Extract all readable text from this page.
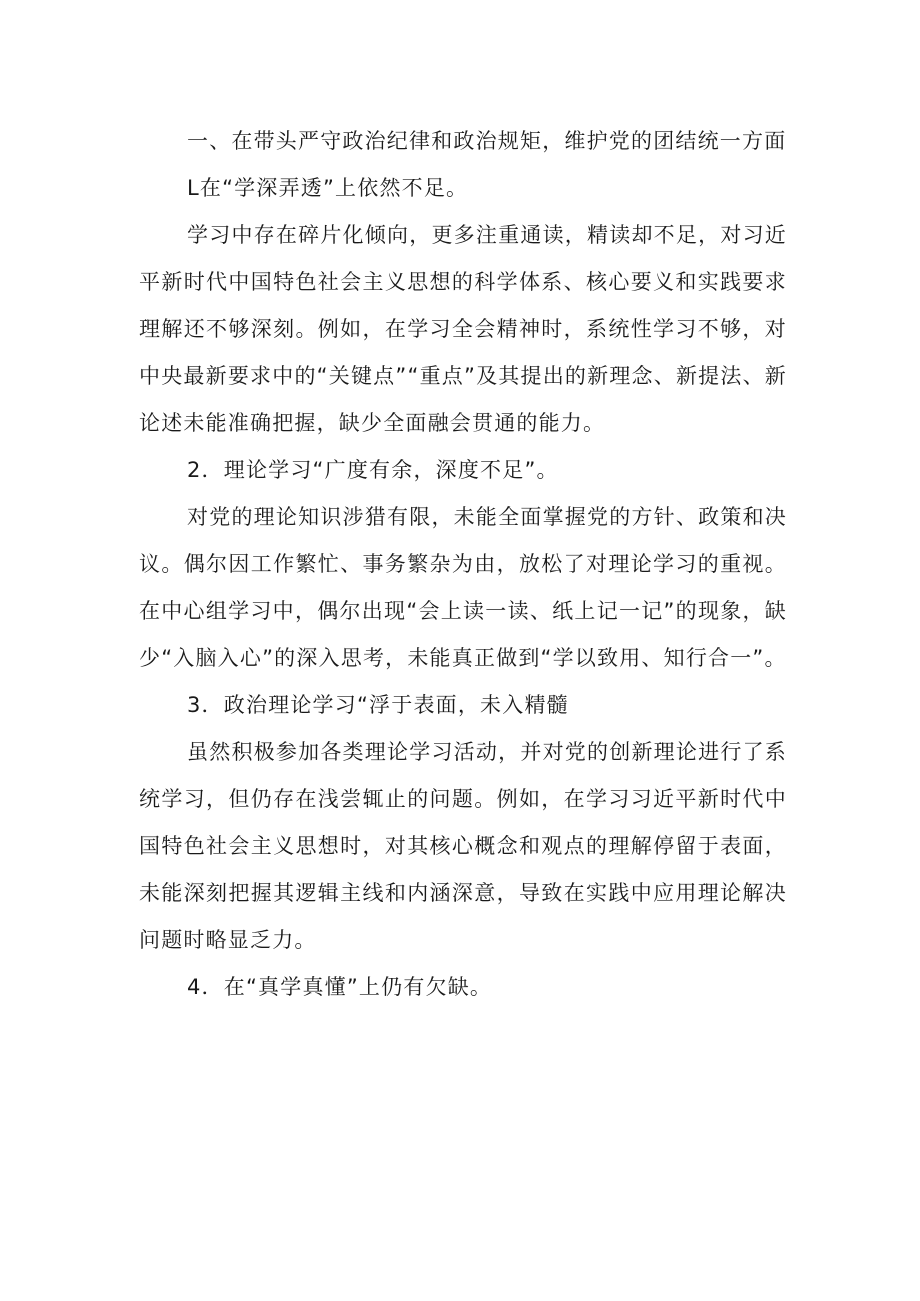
一、在带头严守政治纪律和政治规矩，维护党的团结统一方面

L在“学深弄透”上依然不足。

学习中存在碎片化倾向，更多注重通读，精读却不足，对习近平新时代中国特色社会主义思想的科学体系、核心要义和实践要求理解还不够深刻。例如，在学习全会精神时，系统性学习不够，对中央最新要求中的“关键点”“重点”及其提出的新理念、新提法、新论述未能准确把握，缺少全面融会贯通的能力。

2．理论学习“广度有余，深度不足”。

对党的理论知识涉猎有限，未能全面掌握党的方针、政策和决议。偶尔因工作繁忙、事务繁杂为由，放松了对理论学习的重视。在中心组学习中，偶尔出现“会上读一读、纸上记一记”的现象，缺少“入脑入心”的深入思考，未能真正做到“学以致用、知行合一”。

3．政治理论学习“浮于表面，未入精髓

虽然积极参加各类理论学习活动，并对党的创新理论进行了系统学习，但仍存在浅尝辄止的问题。例如，在学习习近平新时代中国特色社会主义思想时，对其核心概念和观点的理解停留于表面，未能深刻把握其逻辑主线和内涵深意，导致在实践中应用理论解决问题时略显乏力。

4．在“真学真懂”上仍有欠缺。
